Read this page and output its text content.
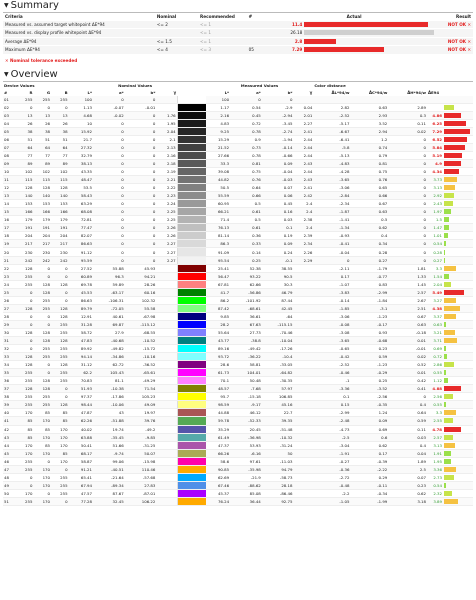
▼ Summary
Criteria	Nominal	Recommended	#	Actual	Result
Measured vs. assumed target whitepoint ΔE*94	<= 2	<= 1		11.4	NOT OK ✕
Measured vs. display profile whitepoint ΔE*94		<= 1		26.18	

Average ΔE*94	<= 1.5	<= 1		2.8	NOT OK ✕
Maximum ΔE*94	<= 4	<= 3	05	7.29	NOT OK ✕
✕ Nominal tolerance exceeded
▼ Overview
Device Values					Nominal Values				Measured Values				Color distance			
#	R	G	B	L*	a*	b*	γ		L*	a*	b*	γ	ΔL*94/w	ΔC*94/w	ΔH*94/w	ΔE94
01	255	255	255	100	0	0			100	0	0					

02	0	0	0	1.13	-0.07	-0.01			1.17	0.54	-2.9	0.04	2.82	0.63	2.89	

03	13	13	13	4.68	-0.02	0	1.76		2.16	0.45	-2.94	2.01	-2.52	2.93	0.3	4.86

04	26	26	26	10	0	0	1.95		4.83	0.72	-3.45	2.27	-5.17	3.52	0.11	6.25

05	38	38	38	15.92	0	0	2.04		9.25	0.78	-2.74	2.41	-6.67	2.94	0.02	7.29

06	51	51	51	21.7	0	0	2.1		15.29	0.9	-1.94	2.44	-6.41	1.2	0	6.52

07	64	64	64	27.32	0	0	2.13		21.52	0.73	-0.14	2.44	-5.8	0.74	0	5.84

08	77	77	77	32.79	0	0	2.16		27.66	0.78	-0.66	2.44	-5.13	0.79	0	5.19

09	89	89	89	38.13	0	0	2.18		33.3	0.81	0.09	2.43	-4.83	0.81	0	4.9

10	102	102	102	43.35	0	0	2.19		39.08	0.75	-0.04	2.44	-4.28	0.75	0	4.34

11	115	115	115	48.47	0	0	2.21		44.82	0.76	-0.03	2.43	-3.65	0.76	0	3.73

12	128	128	128	53.5	0	0	2.22		50.5	0.64	0.07	2.41	-3.06	0.65	0	3.13

13	140	140	140	58.43	0	0	2.23		55.59	0.66	0.06	2.42	-2.84	0.66	0	2.92

14	153	153	153	63.29	0	0	2.24		60.95	0.5	0.45	2.4	-2.34	0.67	0	2.43

15	166	166	166	68.08	0	0	2.25		66.21	0.61	0.16	2.4	-1.87	0.63	0	1.97

16	179	179	179	72.81	0	0	2.25		71.4	0.5	0.03	2.38	-1.41	0.5	0	1.5

17	191	191	191	77.47	0	0	2.26		76.13	0.61	0.1	2.4	-1.34	0.62	0	1.47

18	204	204	204	82.07	0	0	2.26		81.14	0.36	0.19	2.39	-0.93	0.4	0	1.01

19	217	217	217	86.63	0	0	2.27		86.3	0.33	0.09	2.34	-0.41	0.34	0	0.54

20	230	230	230	91.12	0	0	2.27		91.09	0.14	0.24	2.26	-0.04	0.28	0	0.28

21	242	242	242	95.59	0	0	2.27		95.54	0.25	-0.1	2.29	0	0.27	0	0.27

22	128	0	0	27.52	55.88	45.93			25.41	52.38	38.55		-2.11	-1.79	1.81	3.3

23	255	0	0	60.89	96.3	94.21			56.47	93.22	90.5		0.17	-0.77	1.33	1.54

24	255	128	128	69.78	59.89	28.26			67.81	62.66	30.3		-1.07	0.83	1.45	2.04

25	0	128	0	45.53	-63.17	60.16			41.7	-56.86	46.79		-3.83	-2.99	2.57	5.49

26	0	255	0	86.63	-106.31	102.32			86.2	-101.92	87.44		-0.14	-1.84	2.67	3.27

27	128	255	128	89.79	-72.05	55.58			87.42	-68.61	42.45		-1.85	-3.1	2.51	4.38

28	0	0	128	12.91	40.61	-67.98			9.85	36.61	-64		-3.06	-1.23	0.67	3.37

29	0	0	255	31.28	69.87	-115.12			28.2	67.63	-115.15		-0.08	-0.17	0.63	0.63

30	128	128	255	58.72	27.9	-68.55			55.64	27.73	-70.46		-3.08	0.93	-0.18	3.21

31	0	128	128	47.83	-40.68	-10.52			43.77	-38.8	-10.04		-3.65	-0.68	0.01	3.71

32	0	255	255	89.92	-49.82	-15.72			89.16	-49.42	-17.26		-0.65	0.23	-0.01	0.69

33	128	255	255	94.14	-34.86	-10.16			93.72	-36.22	-10.4		-0.42	0.59	0.02	0.72

34	128	0	128	31.12	62.72	-36.52			28.6	58.81	-33.05		-2.52	-1.23	0.52	2.86

35	255	0	255	62.2	105.43	-65.61			61.73	104.01	-64.82		-0.46	-0.29	0.01	0.55

36	255	128	255	70.83	81.1	-49.29			70.1	50.48	-30.35		-1	0.25	0.42	1.12

37	128	128	0	51.93	-10.38	71.54			48.57	-7.68	57.97		-3.36	-3.52	0.41	4.88

38	255	255	0	97.37	-17.86	105.23			95.7	-15.18	106.85		0.1	-2.56	0	2.56

39	255	255	128	98.44	-10.06	49.09			98.59	-9.17	45.16		0.15	-0.35	0.4	0.55

40	170	85	85	47.87	43	19.97			44.88	46.12	22.7		-2.99	1.24	0.64	3.3

41	85	170	85	62.26	-51.88	39.76			59.78	-52.33	39.35		-2.48	0.09	0.59	2.55

42	85	85	170	40.02	19.74	-49.2			35.29	20.45	-51.48		-4.73	0.69	0.11	4.78

43	85	170	170	63.88	-35.45	-9.85			61.49	-36.98	-10.32		-2.5	0.6	0.03	2.57

44	170	85	170	50.41	51.66	-31.25			47.37	53.93	-31.24		-3.04	0.62	0.4	3.13

45	170	170	85	68.17	-9.74	50.07			66.26	-6.16	50		-1.91	0.17	0.04	1.91

46	255	0	170	58.87	99.06	-15.98			58.6	97.61	-11.03		-0.27	-0.39	1.89	1.95

47	255	170	0	91.21	-40.51	110.46			90.85	-35.98	94.79		-0.36	-2.22	2.5	3.36

48	0	170	255	65.41	-21.64	-57.68			62.69	-21.9	-58.73		-2.72	0.29	0.07	2.73

49	0	170	255	67.94	-89.34	27.83			67.46	-88.62	28.18		-0.48	-0.11	0.23	0.54

50	170	0	255	47.57	87.67	-87.01			45.37	85.08	-86.46		-2.2	-0.34	0.62	2.32

51	255	170	0	77.28	32.45	106.22			76.24	36.44	92.75		-1.05	-1.99	3.18	3.89
